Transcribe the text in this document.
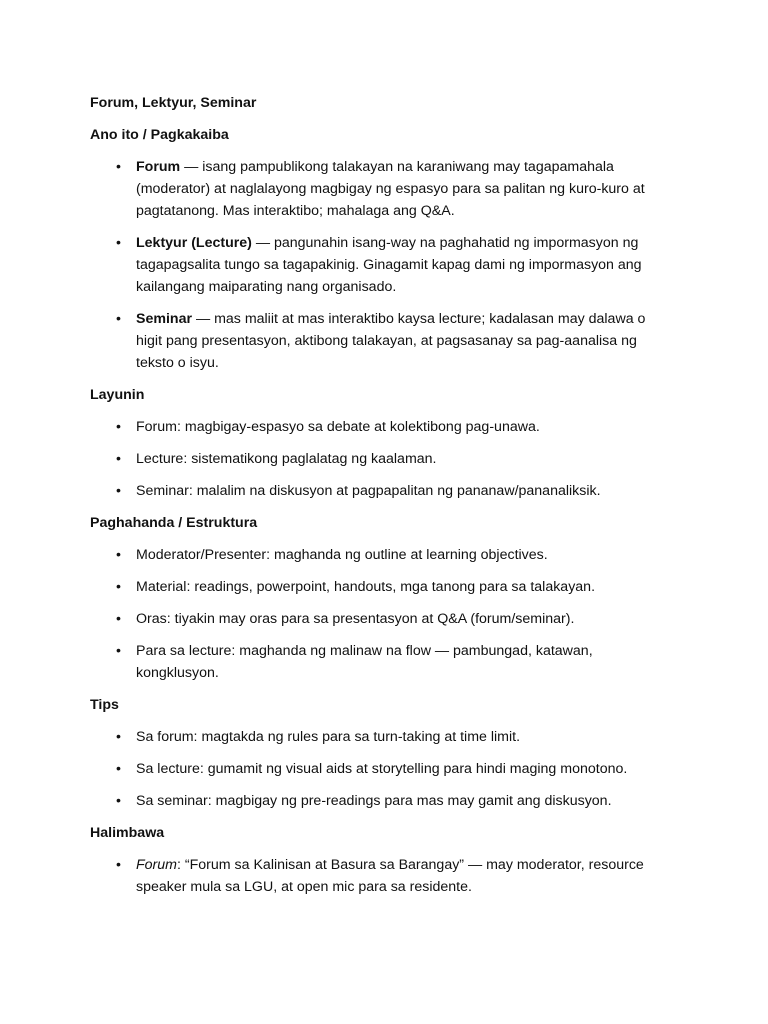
Forum, Lektyur, Seminar

Ano ito / Pagkakaiba

• Forum — isang pampublikong talakayan na karaniwang may tagapamahala (moderator) at naglalayong magbigay ng espasyo para sa palitan ng kuro-kuro at pagtatanong. Mas interaktibo; mahalaga ang Q&A.
• Lektyur (Lecture) — pangunahin isang-way na paghahatid ng impormasyon ng tagapagsalita tungo sa tagapakinig. Ginagamit kapag dami ng impormasyon ang kailangang maiparating nang organisado.
• Seminar — mas maliit at mas interaktibo kaysa lecture; kadalasan may dalawa o higit pang presentasyon, aktibong talakayan, at pagsasanay sa pag-aanalisa ng teksto o isyu.

Layunin

• Forum: magbigay-espasyo sa debate at kolektibong pag-unawa.
• Lecture: sistematikong paglalatag ng kaalaman.
• Seminar: malalim na diskusyon at pagpapalitan ng pananaw/pananaliksik.

Paghahanda / Estruktura

• Moderator/Presenter: maghanda ng outline at learning objectives.
• Material: readings, powerpoint, handouts, mga tanong para sa talakayan.
• Oras: tiyakin may oras para sa presentasyon at Q&A (forum/seminar).
• Para sa lecture: maghanda ng malinaw na flow — pambungad, katawan, kongklusyon.

Tips

• Sa forum: magtakda ng rules para sa turn-taking at time limit.
• Sa lecture: gumamit ng visual aids at storytelling para hindi maging monotono.
• Sa seminar: magbigay ng pre-readings para mas may gamit ang diskusyon.

Halimbawa

• Forum: “Forum sa Kalinisan at Basura sa Barangay” — may moderator, resource speaker mula sa LGU, at open mic para sa residente.
